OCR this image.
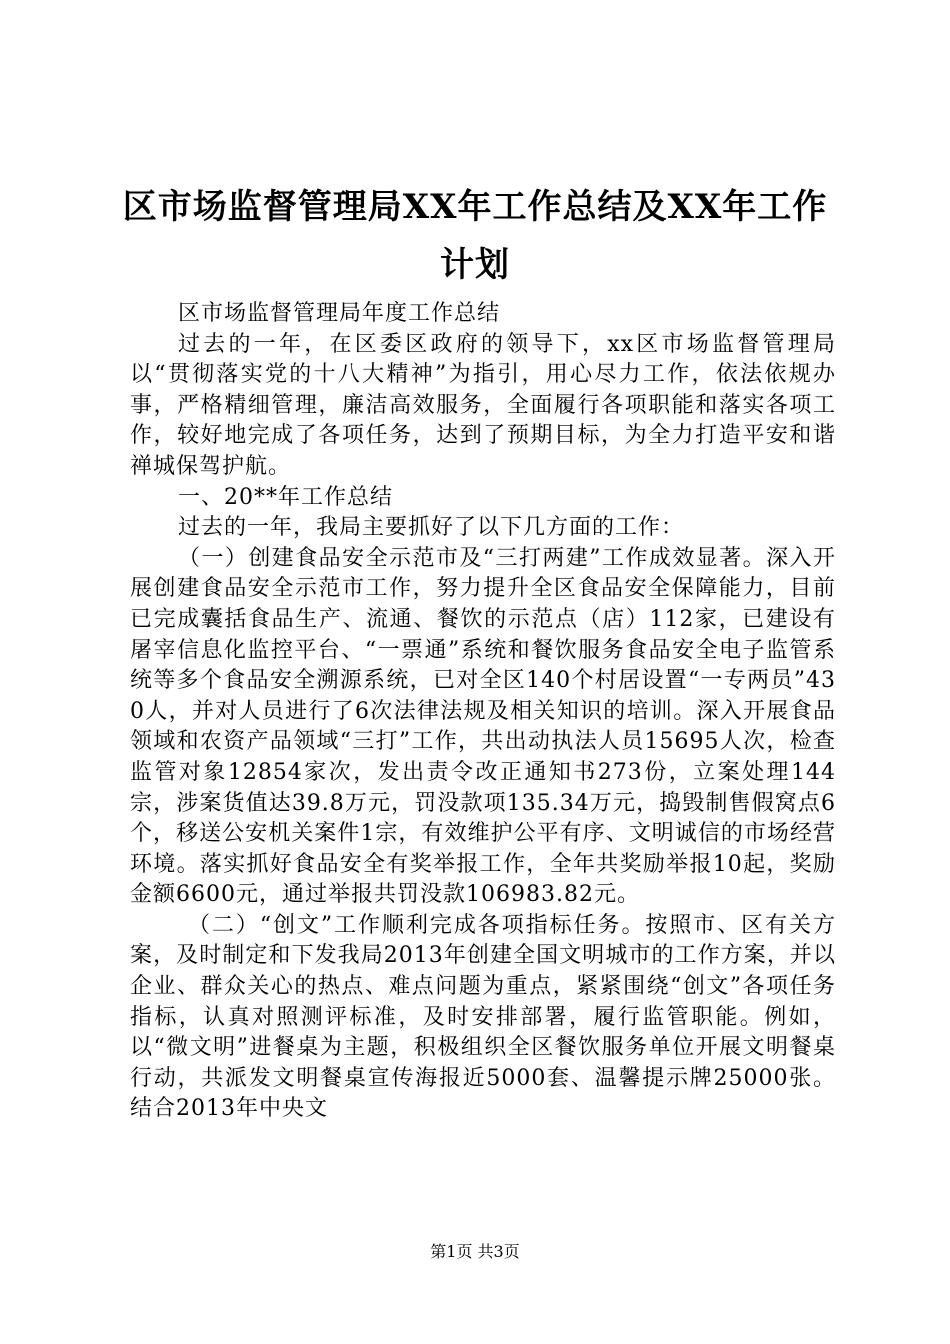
区市场监督管理局XX年工作总结及XX年工作计划

区市场监督管理局年度工作总结

过去的一年，在区委区政府的领导下，xx区市场监督管理局以“贯彻落实党的十八大精神”为指引，用心尽力工作，依法依规办事，严格精细管理，廉洁高效服务，全面履行各项职能和落实各项工作，较好地完成了各项任务，达到了预期目标，为全力打造平安和谐禅城保驾护航。

一、20**年工作总结

过去的一年，我局主要抓好了以下几方面的工作：

（一）创建食品安全示范市及“三打两建”工作成效显著。深入开展创建食品安全示范市工作，努力提升全区食品安全保障能力，目前已完成囊括食品生产、流通、餐饮的示范点（店）112家，已建设有屠宰信息化监控平台、“一票通”系统和餐饮服务食品安全电子监管系统等多个食品安全溯源系统，已对全区140个村居设置“一专两员”430人，并对人员进行了6次法律法规及相关知识的培训。深入开展食品领域和农资产品领域“三打”工作，共出动执法人员15695人次，检查监管对象12854家次，发出责令改正通知书273份，立案处理144宗，涉案货值达39.8万元，罚没款项135.34万元，捣毁制售假窝点6个，移送公安机关案件1宗，有效维护公平有序、文明诚信的市场经营环境。落实抓好食品安全有奖举报工作，全年共奖励举报10起，奖励金额6600元，通过举报共罚没款106983.82元。

（二）“创文”工作顺利完成各项指标任务。按照市、区有关方案，及时制定和下发我局2013年创建全国文明城市的工作方案，并以企业、群众关心的热点、难点问题为重点，紧紧围绕“创文”各项任务指标，认真对照测评标准，及时安排部署，履行监管职能。例如，以“微文明”进餐桌为主题，积极组织全区餐饮服务单位开展文明餐桌行动，共派发文明餐桌宣传海报近5000套、温馨提示牌25000张。结合2013年中央文

第1页 共3页
